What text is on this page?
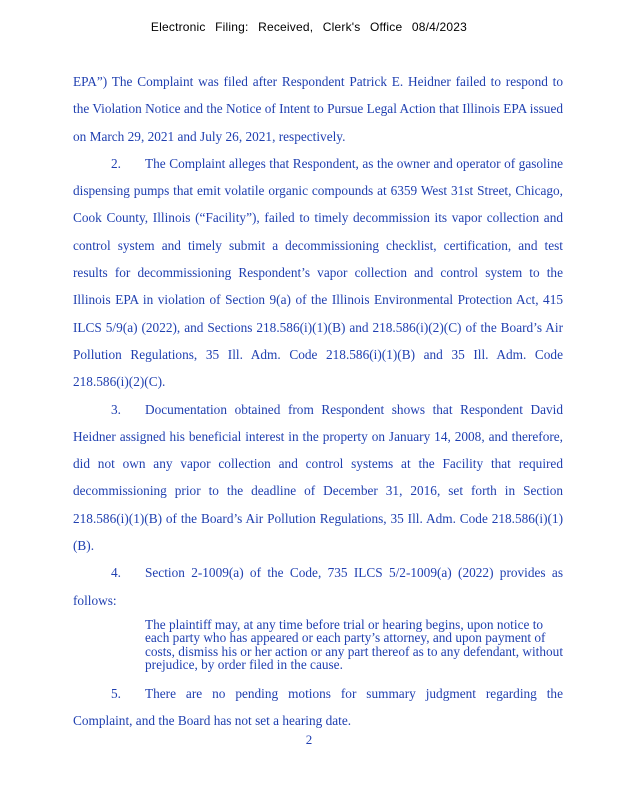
Electronic Filing: Received, Clerk's Office 08/4/2023

EPA”) The Complaint was filed after Respondent Patrick E. Heidner failed to respond to the Violation Notice and the Notice of Intent to Pursue Legal Action that Illinois EPA issued on March 29, 2021 and July 26, 2021, respectively.

2. The Complaint alleges that Respondent, as the owner and operator of gasoline dispensing pumps that emit volatile organic compounds at 6359 West 31st Street, Chicago, Cook County, Illinois (“Facility”), failed to timely decommission its vapor collection and control system and timely submit a decommissioning checklist, certification, and test results for decommissioning Respondent’s vapor collection and control system to the Illinois EPA in violation of Section 9(a) of the Illinois Environmental Protection Act, 415 ILCS 5/9(a) (2022), and Sections 218.586(i)(1)(B) and 218.586(i)(2)(C) of the Board’s Air Pollution Regulations, 35 Ill. Adm. Code 218.586(i)(1)(B) and 35 Ill. Adm. Code 218.586(i)(2)(C).

3. Documentation obtained from Respondent shows that Respondent David Heidner assigned his beneficial interest in the property on January 14, 2008, and therefore, did not own any vapor collection and control systems at the Facility that required decommissioning prior to the deadline of December 31, 2016, set forth in Section 218.586(i)(1)(B) of the Board’s Air Pollution Regulations, 35 Ill. Adm. Code 218.586(i)(1)(B).

4. Section 2-1009(a) of the Code, 735 ILCS 5/2-1009(a) (2022) provides as follows:

The plaintiff may, at any time before trial or hearing begins, upon notice to each party who has appeared or each party’s attorney, and upon payment of costs, dismiss his or her action or any part thereof as to any defendant, without prejudice, by order filed in the cause.

5. There are no pending motions for summary judgment regarding the Complaint, and the Board has not set a hearing date.

2
